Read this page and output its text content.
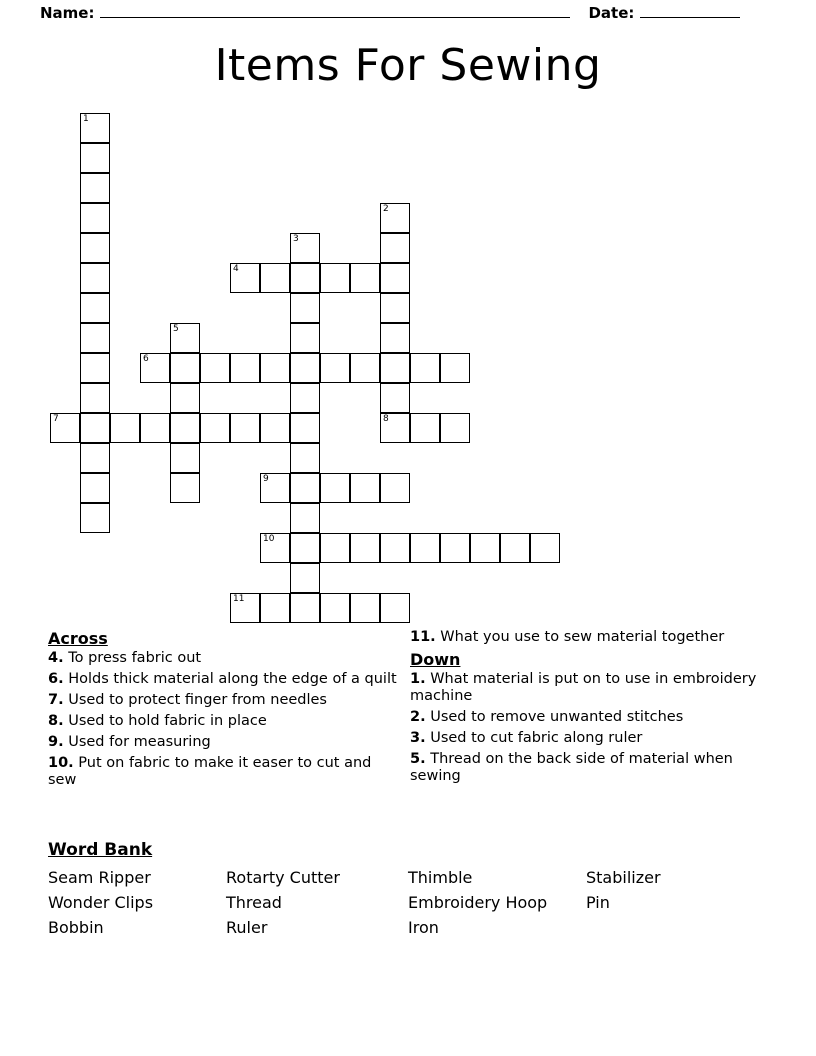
Name:	Date:
Items For Sewing
1
2
8
3
4
5
6
7
9
10
11
Across

4. To press fabric out

6. Holds thick material along the edge of a quilt

7. Used to protect finger from needles

8. Used to hold fabric in place

9. Used for measuring

10. Put on fabric to make it easer to cut and sew

11. What you use to sew material together

Down

1. What material is put on to use in embroidery machine

2. Used to remove unwanted stitches

3. Used to cut fabric along ruler

5. Thread on the back side of material when sewing

Word Bank
Seam Ripper	Rotarty Cutter	Thimble	Stabilizer
Wonder Clips	Thread	Embroidery Hoop	Pin
Bobbin	Ruler	Iron
